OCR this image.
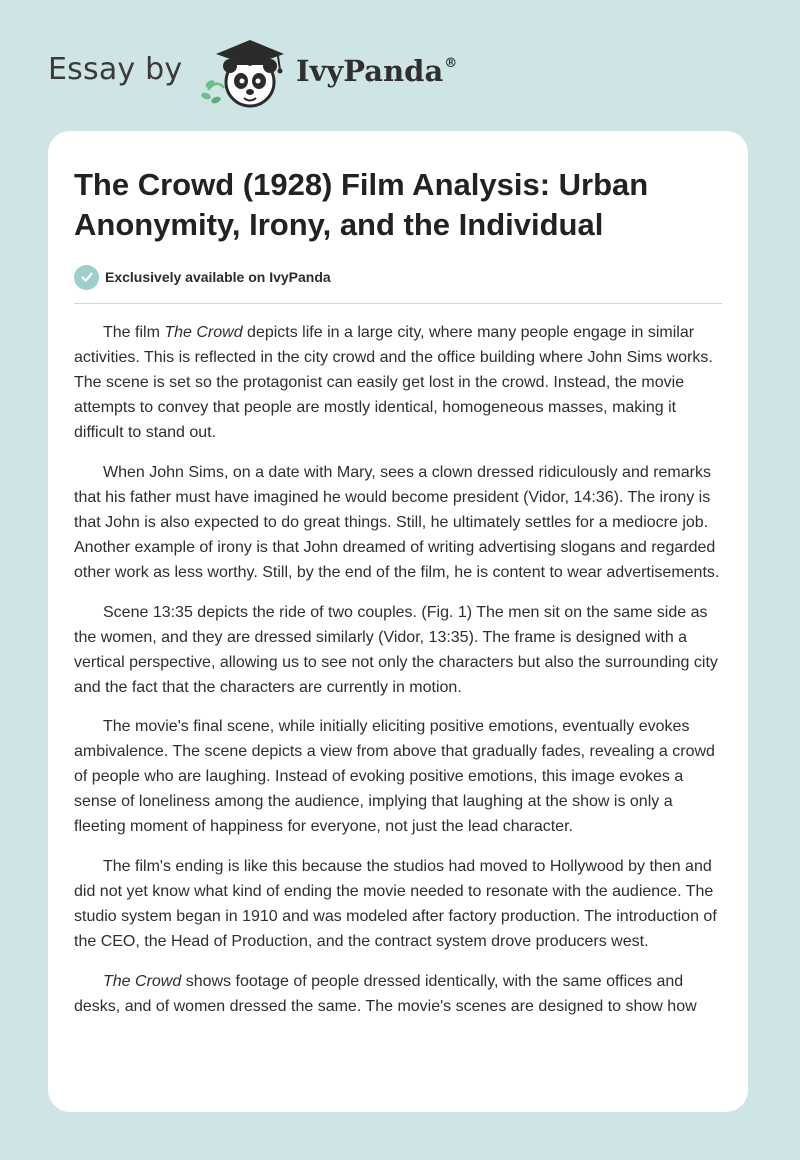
Essay by	IvyPanda®
The Crowd (1928) Film Analysis: Urban Anonymity, Irony, and the Individual
Exclusively available on IvyPanda

The film The Crowd depicts life in a large city, where many people engage in similar activities. This is reflected in the city crowd and the office building where John Sims works. The scene is set so the protagonist can easily get lost in the crowd. Instead, the movie attempts to convey that people are mostly identical, homogeneous masses, making it difficult to stand out.

When John Sims, on a date with Mary, sees a clown dressed ridiculously and remarks that his father must have imagined he would become president (Vidor, 14:36). The irony is that John is also expected to do great things. Still, he ultimately settles for a mediocre job. Another example of irony is that John dreamed of writing advertising slogans and regarded other work as less worthy. Still, by the end of the film, he is content to wear advertisements.

Scene 13:35 depicts the ride of two couples. (Fig. 1) The men sit on the same side as the women, and they are dressed similarly (Vidor, 13:35). The frame is designed with a vertical perspective, allowing us to see not only the characters but also the surrounding city and the fact that the characters are currently in motion.

The movie's final scene, while initially eliciting positive emotions, eventually evokes ambivalence. The scene depicts a view from above that gradually fades, revealing a crowd of people who are laughing. Instead of evoking positive emotions, this image evokes a sense of loneliness among the audience, implying that laughing at the show is only a fleeting moment of happiness for everyone, not just the lead character.

The film's ending is like this because the studios had moved to Hollywood by then and did not yet know what kind of ending the movie needed to resonate with the audience. The studio system began in 1910 and was modeled after factory production. The introduction of the CEO, the Head of Production, and the contract system drove producers west.

The Crowd shows footage of people dressed identically, with the same offices and desks, and of women dressed the same. The movie's scenes are designed to show how
